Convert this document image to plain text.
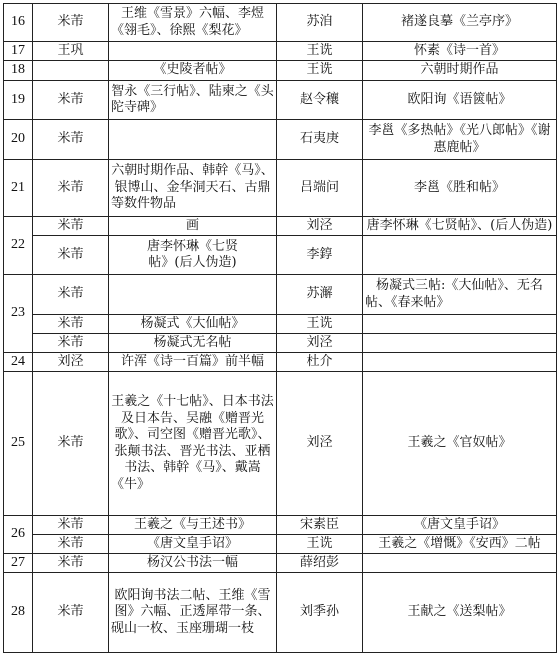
16	米芾	王维《雪景》六幅、李煜《翎毛》、徐熙《梨花》	苏洎	褚遂良摹《兰亭序》
17	王巩		王诜	怀素《诗一首》
18		《史陵者帖》	王诜	六朝时期作品
19	米芾	智永《三行帖》、陆柬之《头陀寺碑》	赵令穰	欧阳询《语篋帖》
20	米芾		石夷庚	李邕《多热帖》《光八郎帖》《谢惠鹿帖》
21	米芾	六朝时期作品、韩幹《马》、银博山、金华洞天石、古鼎等数件物品	吕端问	李邕《胜和帖》
22	米芾	画	刘泾	唐李怀琳《七贤帖》、(后人伪造)
	米芾	唐李怀琳《七贤帖》(后人伪造)	李錞	
23	米芾		苏澥	杨凝式三帖:《大仙帖》、无名帖、《春来帖》
	米芾	杨凝式《大仙帖》	王诜	
	米芾	杨凝式无名帖	刘泾	
24	刘泾	许浑《诗一百篇》前半幅	杜介	
25	米芾	王羲之《十七帖》、日本书法及日本告、吴融《赠晋光歌》、司空图《赠晋光歌》、张颠书法、晋光书法、亚栖书法、韩幹《马》、戴嵩《牛》	刘泾	王羲之《官奴帖》
26	米芾	王羲之《与王述书》	宋素臣	《唐文皇手诏》
	米芾	《唐文皇手诏》	王诜	王羲之《增慨》《安西》二帖
27	米芾	杨汉公书法一幅	薛绍彭	
28	米芾	欧阳询书法二帖、王维《雪图》六幅、正透犀带一条、砚山一枚、玉座珊瑚一枝	刘季孙	王献之《送梨帖》
